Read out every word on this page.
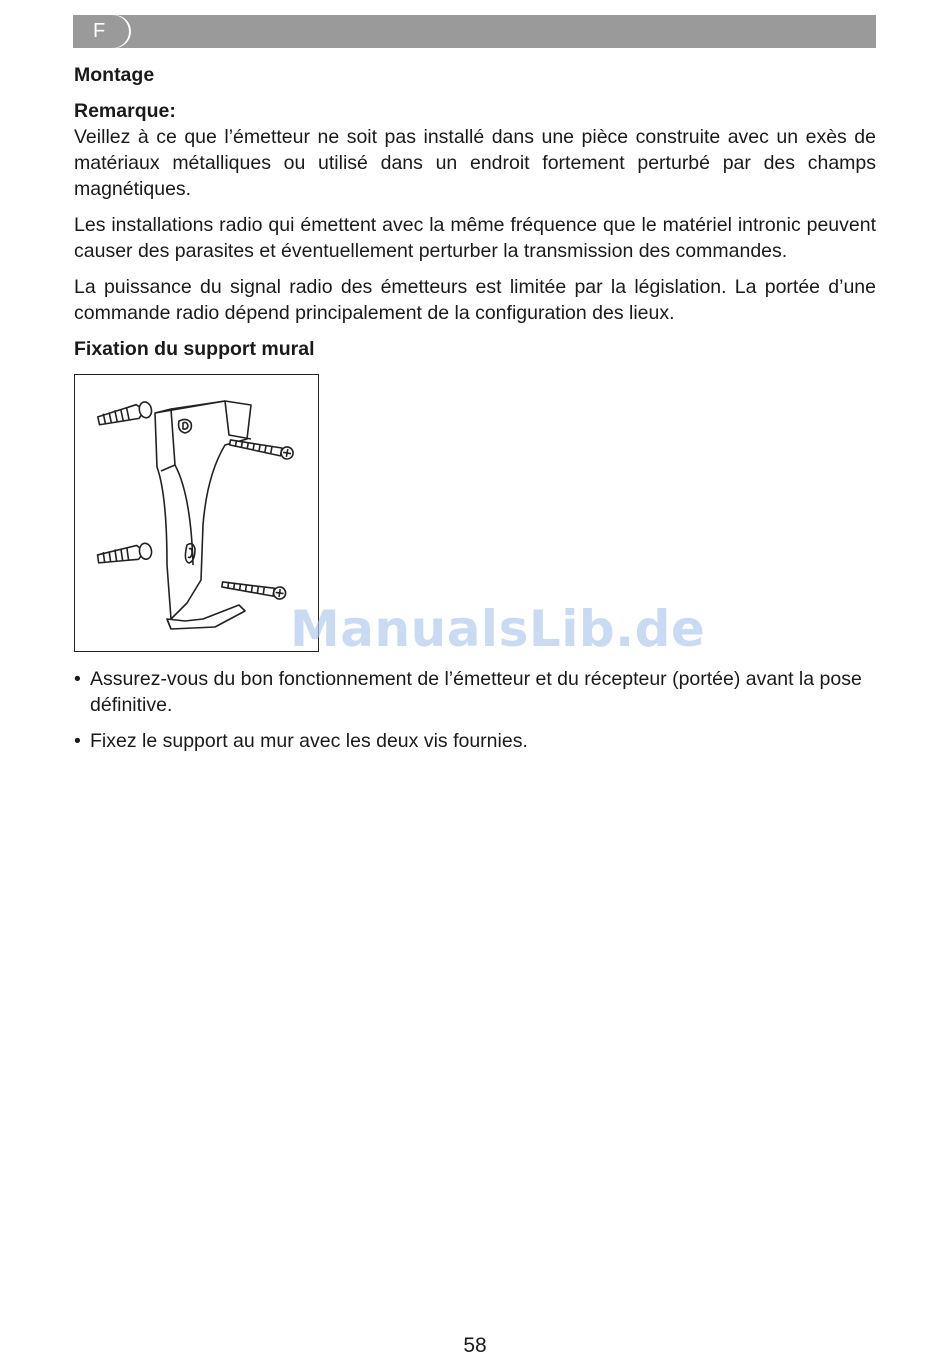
F
Montage
Remarque:

Veillez à ce que l’émetteur ne soit pas installé dans une pièce construite avec un exès de matériaux métalliques ou utilisé dans un endroit fortement perturbé par des champs magnétiques.

Les installations radio qui émettent avec la même fréquence que le matériel intronic peuvent causer des parasites et éventuellement perturber la transmission des commandes.

La puissance du signal radio des émetteurs est limitée par la législation. La portée d’une commande radio dépend principalement de la configuration des lieux.

Fixation du support mural
• Assurez-vous du bon fonctionnement de l’émetteur et du récepteur (portée) avant la pose définitive.
• Fixez le support au mur avec les deux vis fournies.
ManualsLib.de
58
